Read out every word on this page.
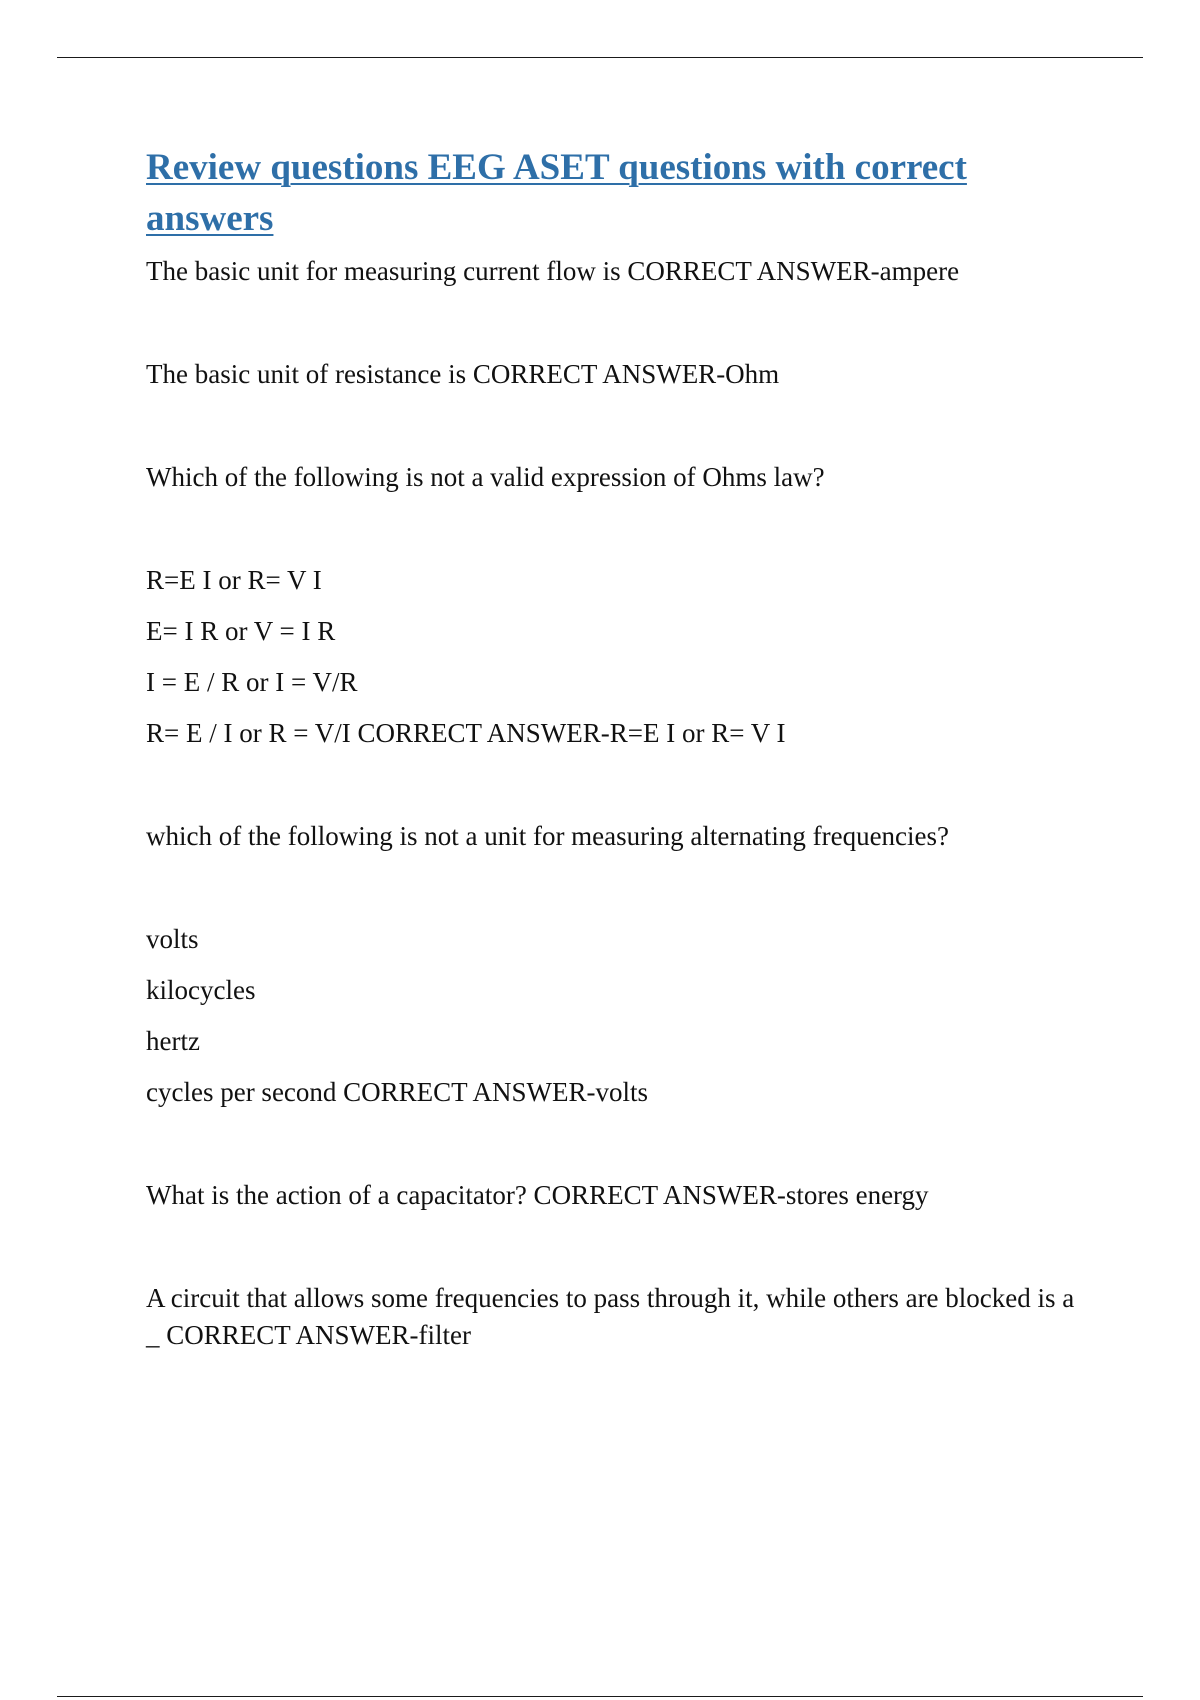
Review questions EEG ASET questions with correct answers

The basic unit for measuring current flow is CORRECT ANSWER-ampere

The basic unit of resistance is CORRECT ANSWER-Ohm

Which of the following is not a valid expression of Ohms law?

R=E I or R= V I

E= I R or V = I R

I = E / R or I = V/R

R= E / I or R = V/I CORRECT ANSWER-R=E I or R= V I

which of the following is not a unit for measuring alternating frequencies?

volts

kilocycles

hertz

cycles per second CORRECT ANSWER-volts

What is the action of a capacitator? CORRECT ANSWER-stores energy

A circuit that allows some frequencies to pass through it, while others are blocked is a _ CORRECT ANSWER-filter
